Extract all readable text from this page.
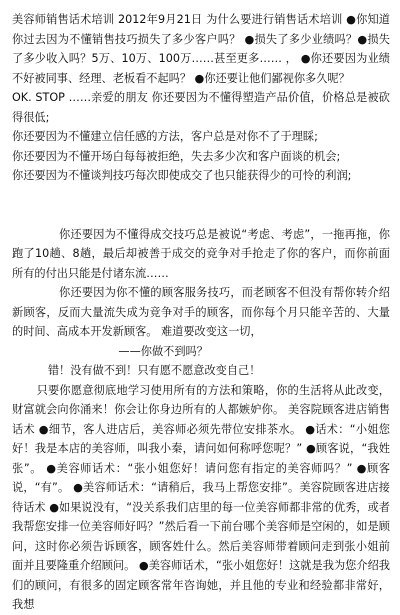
美容师销售话术培训 2012年9月21日 为什么要进行销售话术培训 ●你知道你过去因为不懂销售技巧损失了多少客户吗？ ●损失了多少业绩吗？●损失了多少收入吗？5万、10万、100万……甚至更多…… ， ●你还要因为业绩不好被同事、经理、老板看不起吗？ ●你还要让他们鄙视你多久呢？

OK. STOP ……亲爱的朋友 你还要因为不懂得塑造产品价值，价格总是被砍得很低;

你还要因为不懂建立信任感的方法，客户总是对你不了于理睬;

你还要因为不懂开场白每每被拒绝，失去多少次和客户面谈的机会;

你还要因为不懂谈判技巧每次即使成交了也只能获得少的可怜的利润;

你还要因为不懂得成交技巧总是被说“考虑、考虑”，一拖再拖，你跑了10趟、8趟，最后却被善于成交的竞争对手抢走了你的客户，而你前面所有的付出只能是付诸东流……

你还要因为你不懂的顾客服务技巧，而老顾客不但没有帮你转介绍新顾客，反而大量流失成为竞争对手的顾客，而你每个月只能辛苦的、大量的时间、高成本开发新顾客。 难道要改变这一切，

——你做不到吗？

错！没有做不到！只有愿不愿意改变自己！

只要你愿意彻底地学习使用所有的方法和策略，你的生活将从此改变，财富就会向你涌来！你会让你身边所有的人都嫉妒你。 美容院顾客进店销售话术 ●细节，客人进店后，美容师必须先带位安排茶水。 ●话术：“小姐您好！我是本店的美容师，叫我小秦，请问如何称呼您呢？” ●顾客说，“我姓张”。 ●美容师话术：“张小姐您好！请问您有指定的美容师吗？” ●顾客说，“有”。 ●美容师话术：“请稍后，我马上帮您安排”。美容院顾客进店接待话术 ●如果说没有，“没关系我们店里的每一位美容师都非常的优秀，或者我帮您安排一位美容师好吗？”然后看一下前台哪个美容师是空闲的，如是顾问，这时你必须告诉顾客，顾客姓什么。然后美容师带着顾问走到张小姐前面并且要隆重介绍顾问。 ●美容师话术，“张小姐您好！这就是我为您介绍我们的顾问，有很多的固定顾客常年咨询她，并且他的专业和经验都非常好，我想
